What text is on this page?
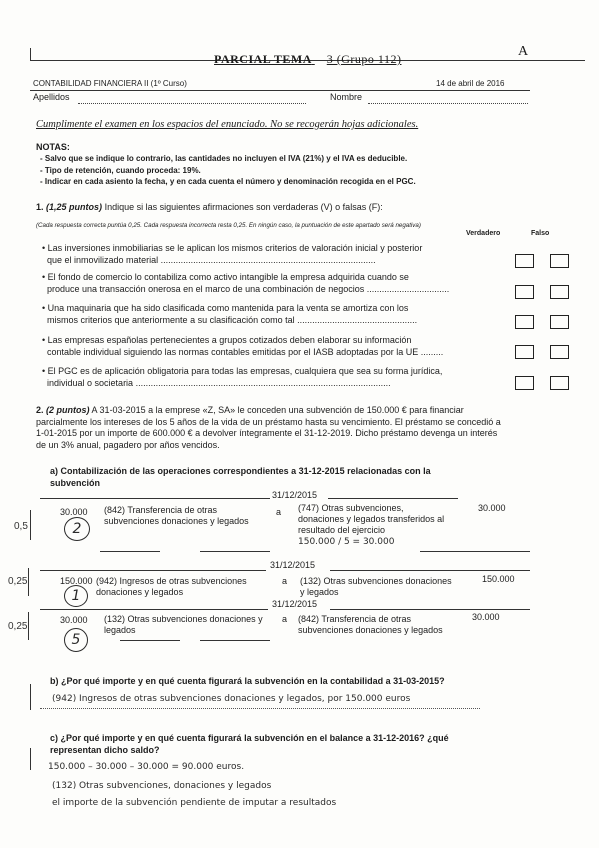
PARCIAL TEMA 3 (Grupo 112)	A
CONTABILIDAD FINANCIERA II (1º Curso)	14 de abril de 2016
Apellidos	Nombre
Cumplimente el examen en los espacios del enunciado. No se recogerán hojas adicionales.
NOTAS:
- Salvo que se indique lo contrario, las cantidades no incluyen el IVA (21%) y el IVA es deducible.
- Tipo de retención, cuando proceda: 19%.
- Indicar en cada asiento la fecha, y en cada cuenta el número y denominación recogida en el PGC.
1. (1,25 puntos) Indique si las siguientes afirmaciones son verdaderas (V) o falsas (F):
(Cada respuesta correcta puntúa 0,25. Cada respuesta incorrecta resta 0,25. En ningún caso, la puntuación de este apartado será negativa)
Verdadero	Falso
• Las inversiones inmobiliarias se le aplican los mismos criterios de valoración inicial y posterior
que el inmovilizado material ......................................................................................
• El fondo de comercio lo contabiliza como activo intangible la empresa adquirida cuando se
produce una transacción onerosa en el marco de una combinación de negocios .................................
• Una maquinaria que ha sido clasificada como mantenida para la venta se amortiza con los
mismos criterios que anteriormente a su clasificación como tal ................................................
• Las empresas españolas pertenecientes a grupos cotizados deben elaborar su información
contable individual siguiendo las normas contables emitidas por el IASB adoptadas por la UE .........
• El PGC es de aplicación obligatoria para todas las empresas, cualquiera que sea su forma jurídica,
individual o societaria ......................................................................................................
2. (2 puntos) A 31-03-2015 a la emprese «Z, SA» le conceden una subvención de 150.000 € para financiar
parcialmente los intereses de los 5 años de la vida de un préstamo hasta su vencimiento. El préstamo se concedió a
1-01-2015 por un importe de 600.000 € a devolver íntegramente el 31-12-2019. Dicho préstamo devenga un interés
de un 3% anual, pagadero por años vencidos.
a) Contabilización de las operaciones correspondientes a 31-12-2015 relacionadas con la
subvención
31/12/2015
0,5
30.000
2
(842) Transferencia de otras
subvenciones donaciones y legados
a (747) Otras subvenciones,
donaciones y legados transferidos al
resultado del ejercicio
150.000 / 5 = 30.000
30.000
31/12/2015
0,25	150.000
1
(942) Ingresos de otras subvenciones
donaciones y legados
a (132) Otras subvenciones donaciones
y legados
150.000
31/12/2015
0,25
30.000
5
(132) Otras subvenciones donaciones y
legados
a (842) Transferencia de otras
subvenciones donaciones y legados
30.000
b) ¿Por qué importe y en qué cuenta figurará la subvención en la contabilidad a 31-03-2015?
(942) Ingresos de otras subvenciones donaciones y legados, por 150.000 euros
c) ¿Por qué importe y en qué cuenta figurará la subvención en el balance a 31-12-2016? ¿qué
representan dicho saldo?
150.000 – 30.000 – 30.000 = 90.000 euros.
(132) Otras subvenciones, donaciones y legados
el importe de la subvención pendiente de imputar a resultados
